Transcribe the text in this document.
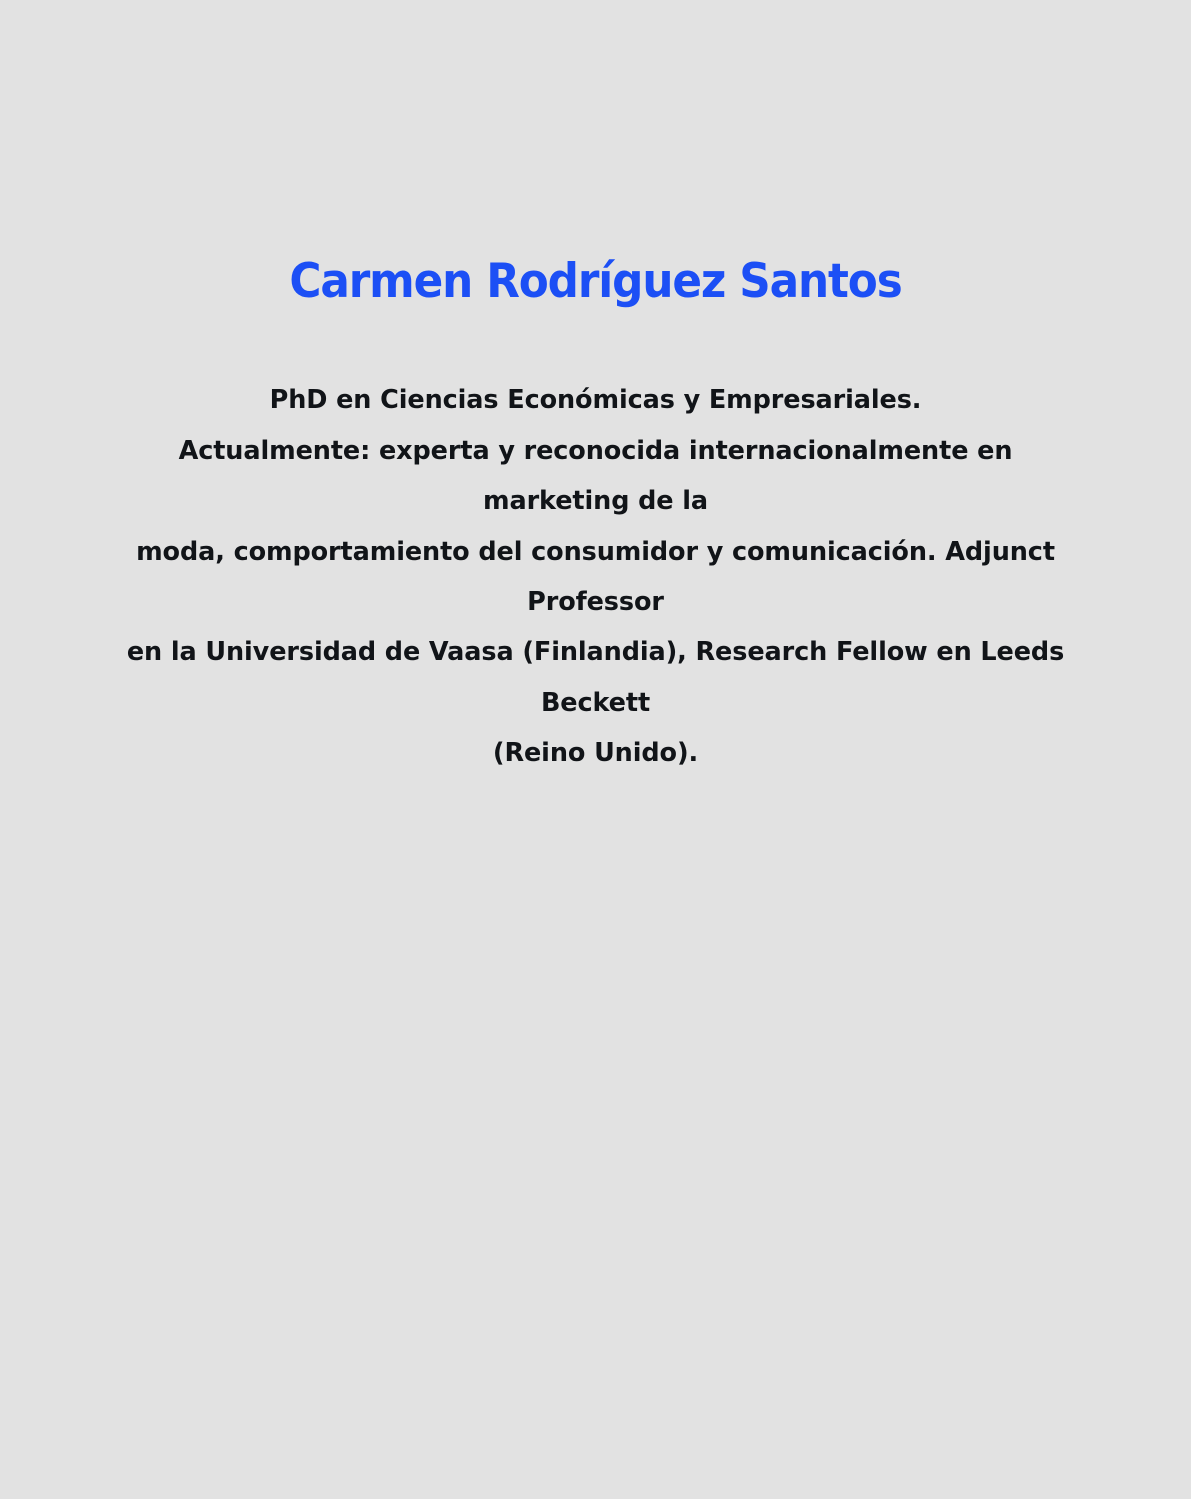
Carmen Rodríguez Santos
PhD en Ciencias Económicas y Empresariales.
Actualmente: experta y reconocida internacionalmente en marketing de la
moda, comportamiento del consumidor y comunicación. Adjunct Professor
en la Universidad de Vaasa (Finlandia), Research Fellow en Leeds Beckett
(Reino Unido).
